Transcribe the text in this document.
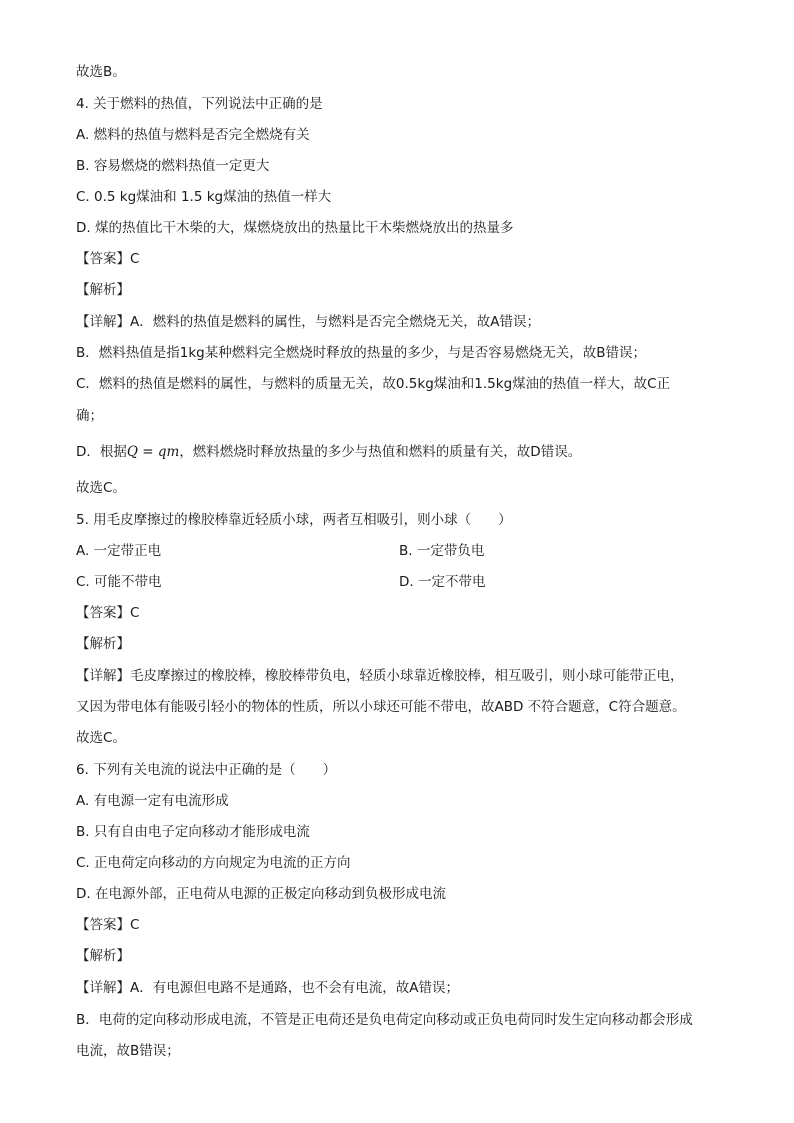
故选B。
4. 关于燃料的热值，下列说法中正确的是
A. 燃料的热值与燃料是否完全燃烧有关
B. 容易燃烧的燃料热值一定更大
C. 0.5 kg煤油和 1.5 kg煤油的热值一样大
D. 煤的热值比干木柴的大，煤燃烧放出的热量比干木柴燃烧放出的热量多
【答案】C
【解析】
【详解】A．燃料的热值是燃料的属性，与燃料是否完全燃烧无关，故A错误；
B．燃料热值是指1kg某种燃料完全燃烧时释放的热量的多少，与是否容易燃烧无关，故B错误；
C．燃料的热值是燃料的属性，与燃料的质量无关，故0.5kg煤油和1.5kg煤油的热值一样大，故C正
确；
D．根据Q = qm，燃料燃烧时释放热量的多少与热值和燃料的质量有关，故D错误。
故选C。
5. 用毛皮摩擦过的橡胶棒靠近轻质小球，两者互相吸引，则小球（　　）
A. 一定带正电	B. 一定带负电
C. 可能不带电	D. 一定不带电
【答案】C
【解析】
【详解】毛皮摩擦过的橡胶棒，橡胶棒带负电，轻质小球靠近橡胶棒，相互吸引，则小球可能带正电，
又因为带电体有能吸引轻小的物体的性质，所以小球还可能不带电，故ABD 不符合题意，C符合题意。
故选C。
6. 下列有关电流的说法中正确的是（　　）
A. 有电源一定有电流形成
B. 只有自由电子定向移动才能形成电流
C. 正电荷定向移动的方向规定为电流的正方向
D. 在电源外部，正电荷从电源的正极定向移动到负极形成电流
【答案】C
【解析】
【详解】A．有电源但电路不是通路，也不会有电流，故A错误；
B．电荷的定向移动形成电流，不管是正电荷还是负电荷定向移动或正负电荷同时发生定向移动都会形成
电流，故B错误；
